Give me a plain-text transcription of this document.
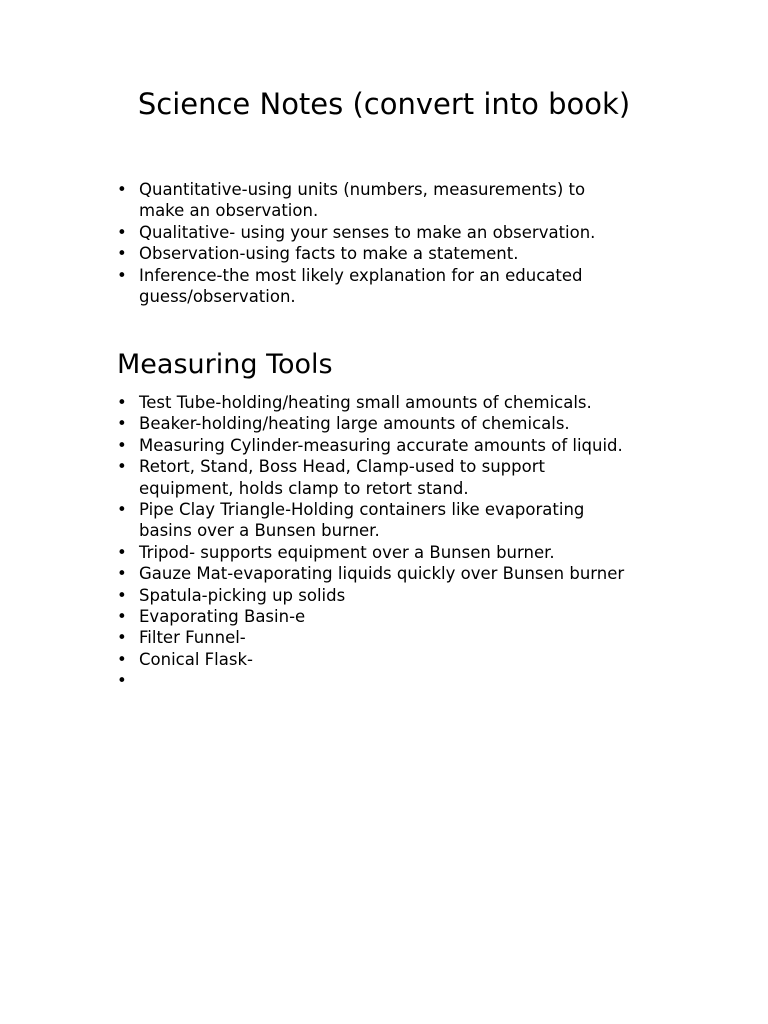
Science Notes (convert into book)
• Quantitative-using units (numbers, measurements) to
make an observation.
• Qualitative- using your senses to make an observation.
• Observation-using facts to make a statement.
• Inference-the most likely explanation for an educated
guess/observation.
Measuring Tools
• Test Tube-holding/heating small amounts of chemicals.
• Beaker-holding/heating large amounts of chemicals.
• Measuring Cylinder-measuring accurate amounts of liquid.
• Retort, Stand, Boss Head, Clamp-used to support
equipment, holds clamp to retort stand.
• Pipe Clay Triangle-Holding containers like evaporating
basins over a Bunsen burner.
• Tripod- supports equipment over a Bunsen burner.
• Gauze Mat-evaporating liquids quickly over Bunsen burner
• Spatula-picking up solids
• Evaporating Basin-e
• Filter Funnel-
• Conical Flask-
•
